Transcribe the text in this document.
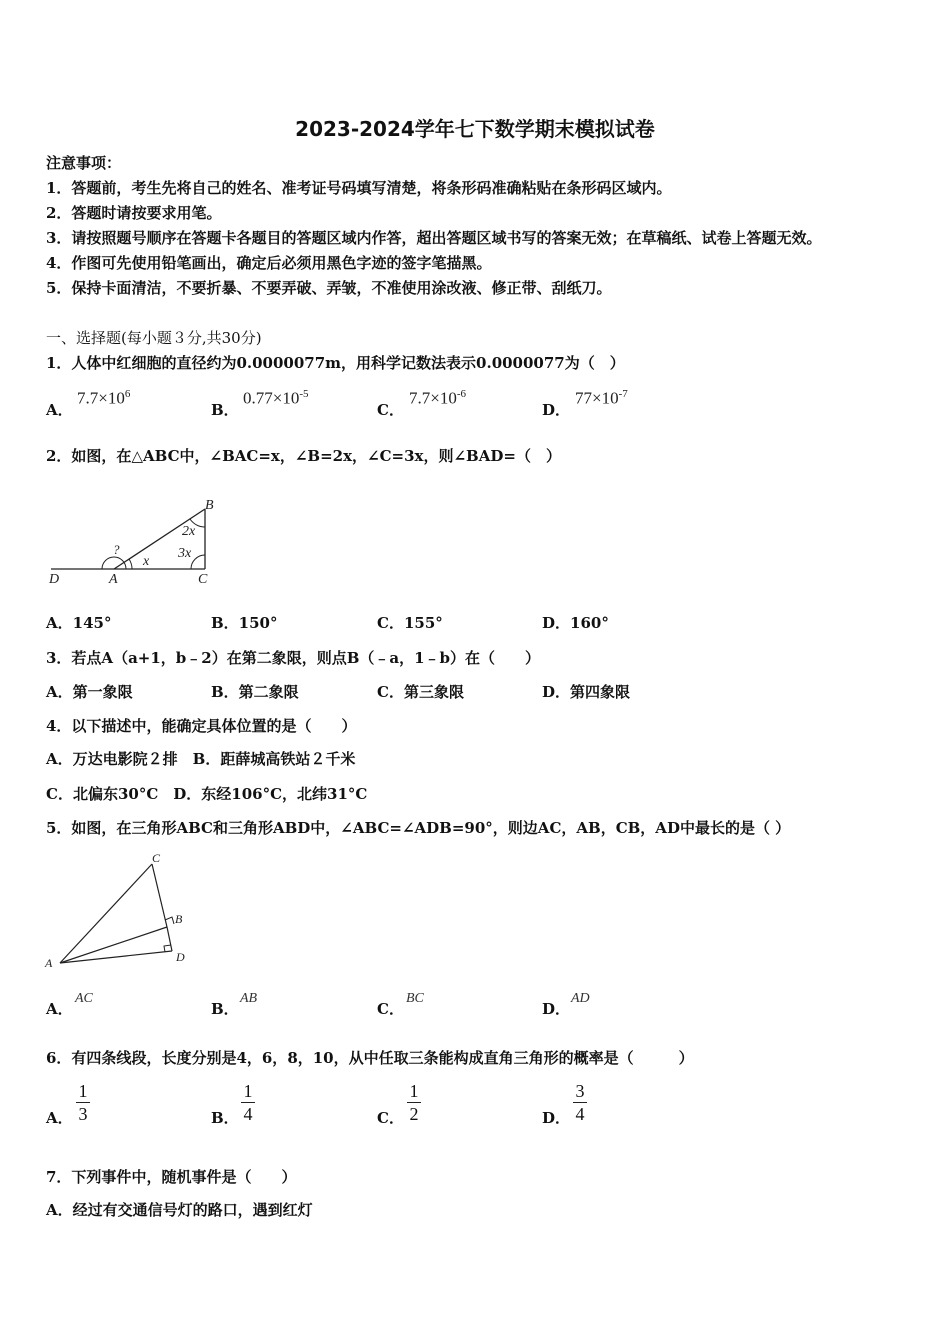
2023-2024学年七下数学期末模拟试卷
注意事项：
1．答题前，考生先将自己的姓名、准考证号码填写清楚，将条形码准确粘贴在条形码区域内。
2．答题时请按要求用笔。
3．请按照题号顺序在答题卡各题目的答题区域内作答，超出答题区域书写的答案无效；在草稿纸、试卷上答题无效。
4．作图可先使用铅笔画出，确定后必须用黑色字迹的签字笔描黑。
5．保持卡面清洁，不要折暴、不要弄破、弄皱，不准使用涂改液、修正带、刮纸刀。
一、选择题(每小题３分,共30分)
1．人体中红细胞的直径约为0.0000077m，用科学记数法表示0.0000077为（　）
A．
$7.7\times 10^6$
B．
$0.77\times 10^{-5}$
C．
$7.7\times 10^{-6}$
D．
$77\times 10^{-7}$
2．如图，在△ABC中，∠BAC=x，∠B=2x，∠C=3x，则∠BAD=（　）
D	A	C
B
?
x
2x
3x
A．145°	B．150°	C．155°	D．160°
3．若点A（a+1，b﹣2）在第二象限，则点B（﹣a，1﹣b）在（　　）
A．第一象限	B．第二象限	C．第三象限	D．第四象限
4．以下描述中，能确定具体位置的是（　　）
A．万达电影院２排　B．距薛城高铁站２千米
C．北偏东30°C　D．东经106°C，北纬31°C
5．如图，在三角形ABC和三角形ABD中，∠ABC=∠ADB=90°，则边AC，AB，CB，AD中最长的是（ ）
C
B
D
A
A．
AC
B．
AB
C．
BC
D．
AD
6．有四条线段，长度分别是4，6，8，10，从中任取三条能构成直角三角形的概率是（　　　）
A．
1
3	B．
1
4	C．
1
2	D．
3
4
7．下列事件中，随机事件是（　　）
A．经过有交通信号灯的路口，遇到红灯
